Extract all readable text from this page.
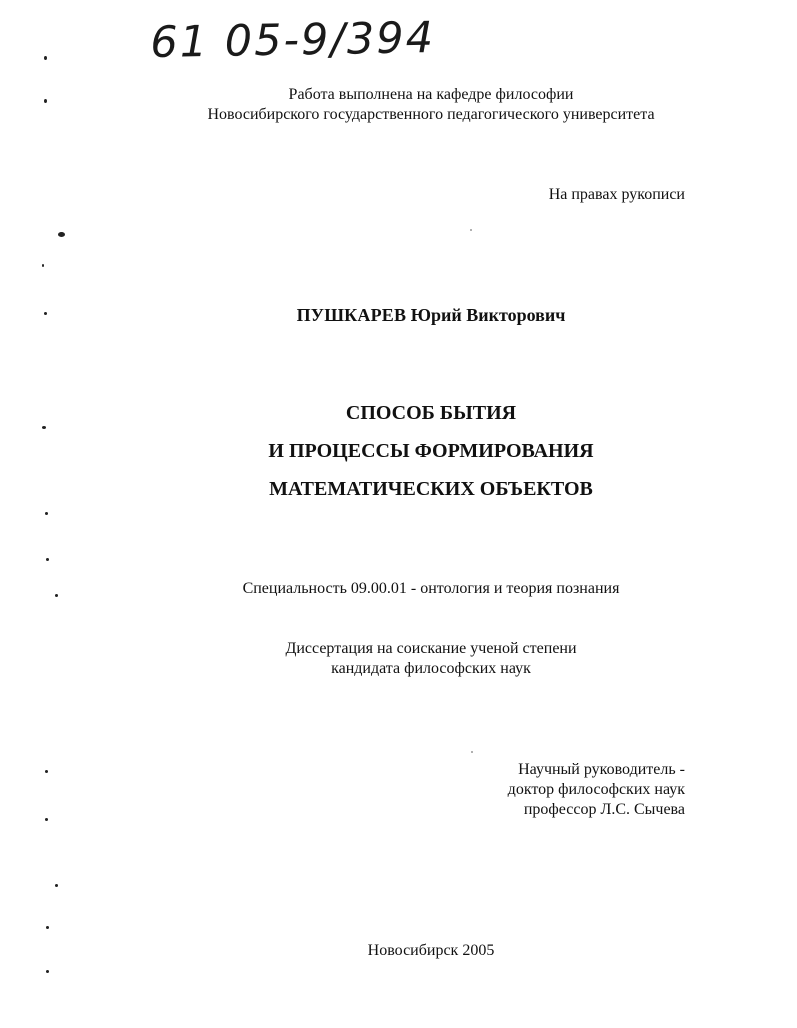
61 05-9/394
Работа выполнена на кафедре философии
Новосибирского государственного педагогического университета
На правах рукописи
ПУШКАРЕВ Юрий Викторович
СПОСОБ БЫТИЯ
И ПРОЦЕССЫ ФОРМИРОВАНИЯ
МАТЕМАТИЧЕСКИХ ОБЪЕКТОВ
Специальность 09.00.01 - онтология и теория познания
Диссертация на соискание ученой степени
кандидата философских наук
Научный руководитель -
доктор философских наук
профессор Л.С. Сычева
Новосибирск 2005
